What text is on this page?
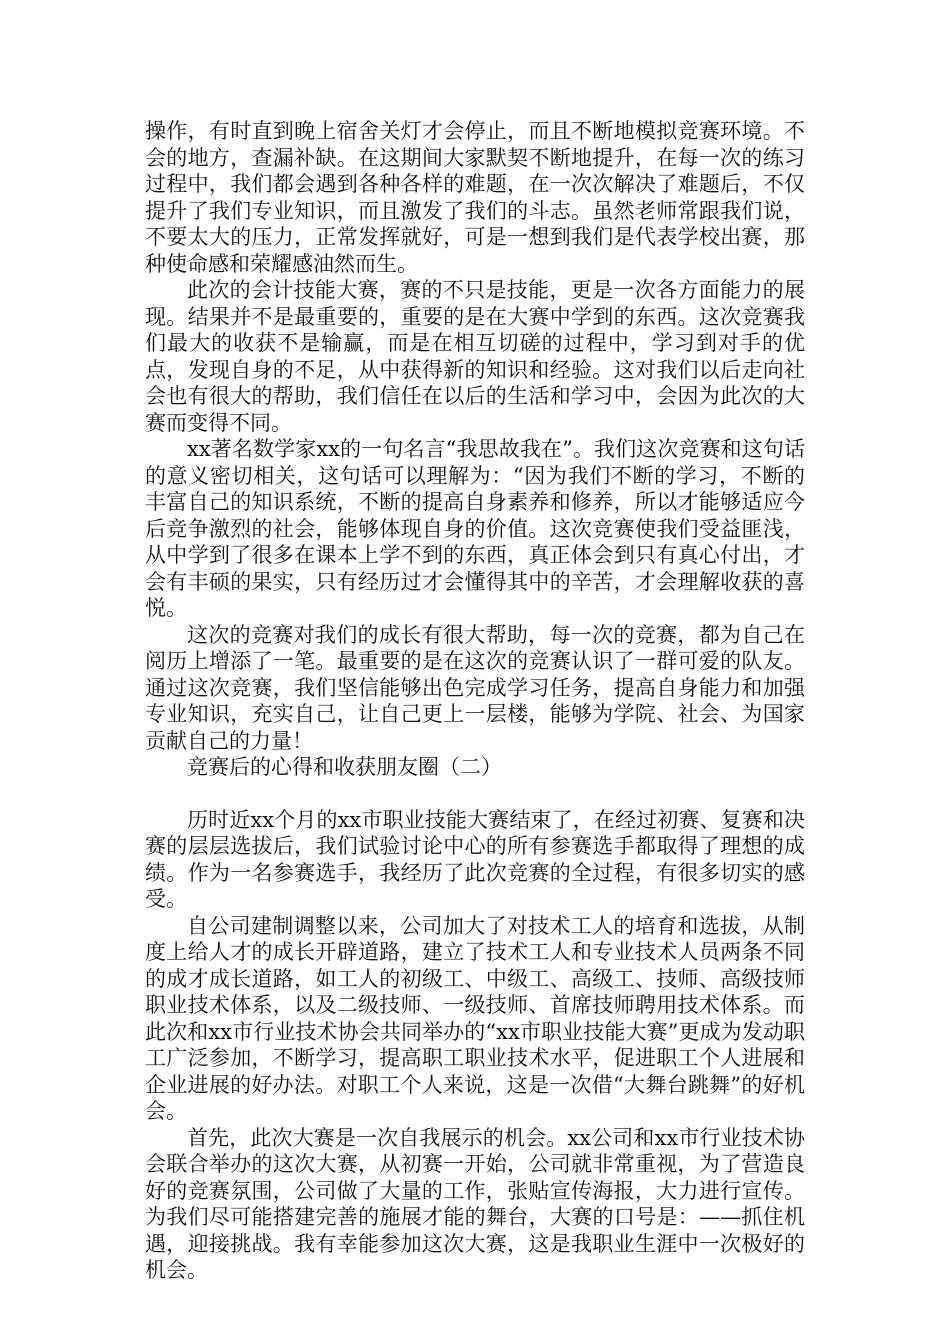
操作，有时直到晚上宿舍关灯才会停止，而且不断地模拟竞赛环境。不会的地方，查漏补缺。在这期间大家默契不断地提升，在每一次的练习过程中，我们都会遇到各种各样的难题，在一次次解决了难题后，不仅提升了我们专业知识，而且激发了我们的斗志。虽然老师常跟我们说，不要太大的压力，正常发挥就好，可是一想到我们是代表学校出赛，那种使命感和荣耀感油然而生。

此次的会计技能大赛，赛的不只是技能，更是一次各方面能力的展现。结果并不是最重要的，重要的是在大赛中学到的东西。这次竞赛我们最大的收获不是输赢，而是在相互切磋的过程中，学习到对手的优点，发现自身的不足，从中获得新的知识和经验。这对我们以后走向社会也有很大的帮助，我们信任在以后的生活和学习中，会因为此次的大赛而变得不同。

xx著名数学家xx的一句名言“我思故我在”。我们这次竞赛和这句话的意义密切相关，这句话可以理解为：“因为我们不断的学习，不断的丰富自己的知识系统，不断的提高自身素养和修养，所以才能够适应今后竞争激烈的社会，能够体现自身的价值。这次竞赛使我们受益匪浅，从中学到了很多在课本上学不到的东西，真正体会到只有真心付出，才会有丰硕的果实，只有经历过才会懂得其中的辛苦，才会理解收获的喜悦。

这次的竞赛对我们的成长有很大帮助，每一次的竞赛，都为自己在阅历上增添了一笔。最重要的是在这次的竞赛认识了一群可爱的队友。通过这次竞赛，我们坚信能够出色完成学习任务，提高自身能力和加强专业知识，充实自己，让自己更上一层楼，能够为学院、社会、为国家贡献自己的力量！

竞赛后的心得和收获朋友圈（二）

历时近xx个月的xx市职业技能大赛结束了，在经过初赛、复赛和决赛的层层选拔后，我们试验讨论中心的所有参赛选手都取得了理想的成绩。作为一名参赛选手，我经历了此次竞赛的全过程，有很多切实的感受。

自公司建制调整以来，公司加大了对技术工人的培育和选拔，从制度上给人才的成长开辟道路，建立了技术工人和专业技术人员两条不同的成才成长道路，如工人的初级工、中级工、高级工、技师、高级技师职业技术体系，以及二级技师、一级技师、首席技师聘用技术体系。而此次和xx市行业技术协会共同举办的“xx市职业技能大赛”更成为发动职工广泛参加，不断学习，提高职工职业技术水平，促进职工个人进展和企业进展的好办法。对职工个人来说，这是一次借“大舞台跳舞”的好机会。

首先，此次大赛是一次自我展示的机会。xx公司和xx市行业技术协会联合举办的这次大赛，从初赛一开始，公司就非常重视，为了营造良好的竞赛氛围，公司做了大量的工作，张贴宣传海报，大力进行宣传。为我们尽可能搭建完善的施展才能的舞台，大赛的口号是：——抓住机遇，迎接挑战。我有幸能参加这次大赛，这是我职业生涯中一次极好的机会。
